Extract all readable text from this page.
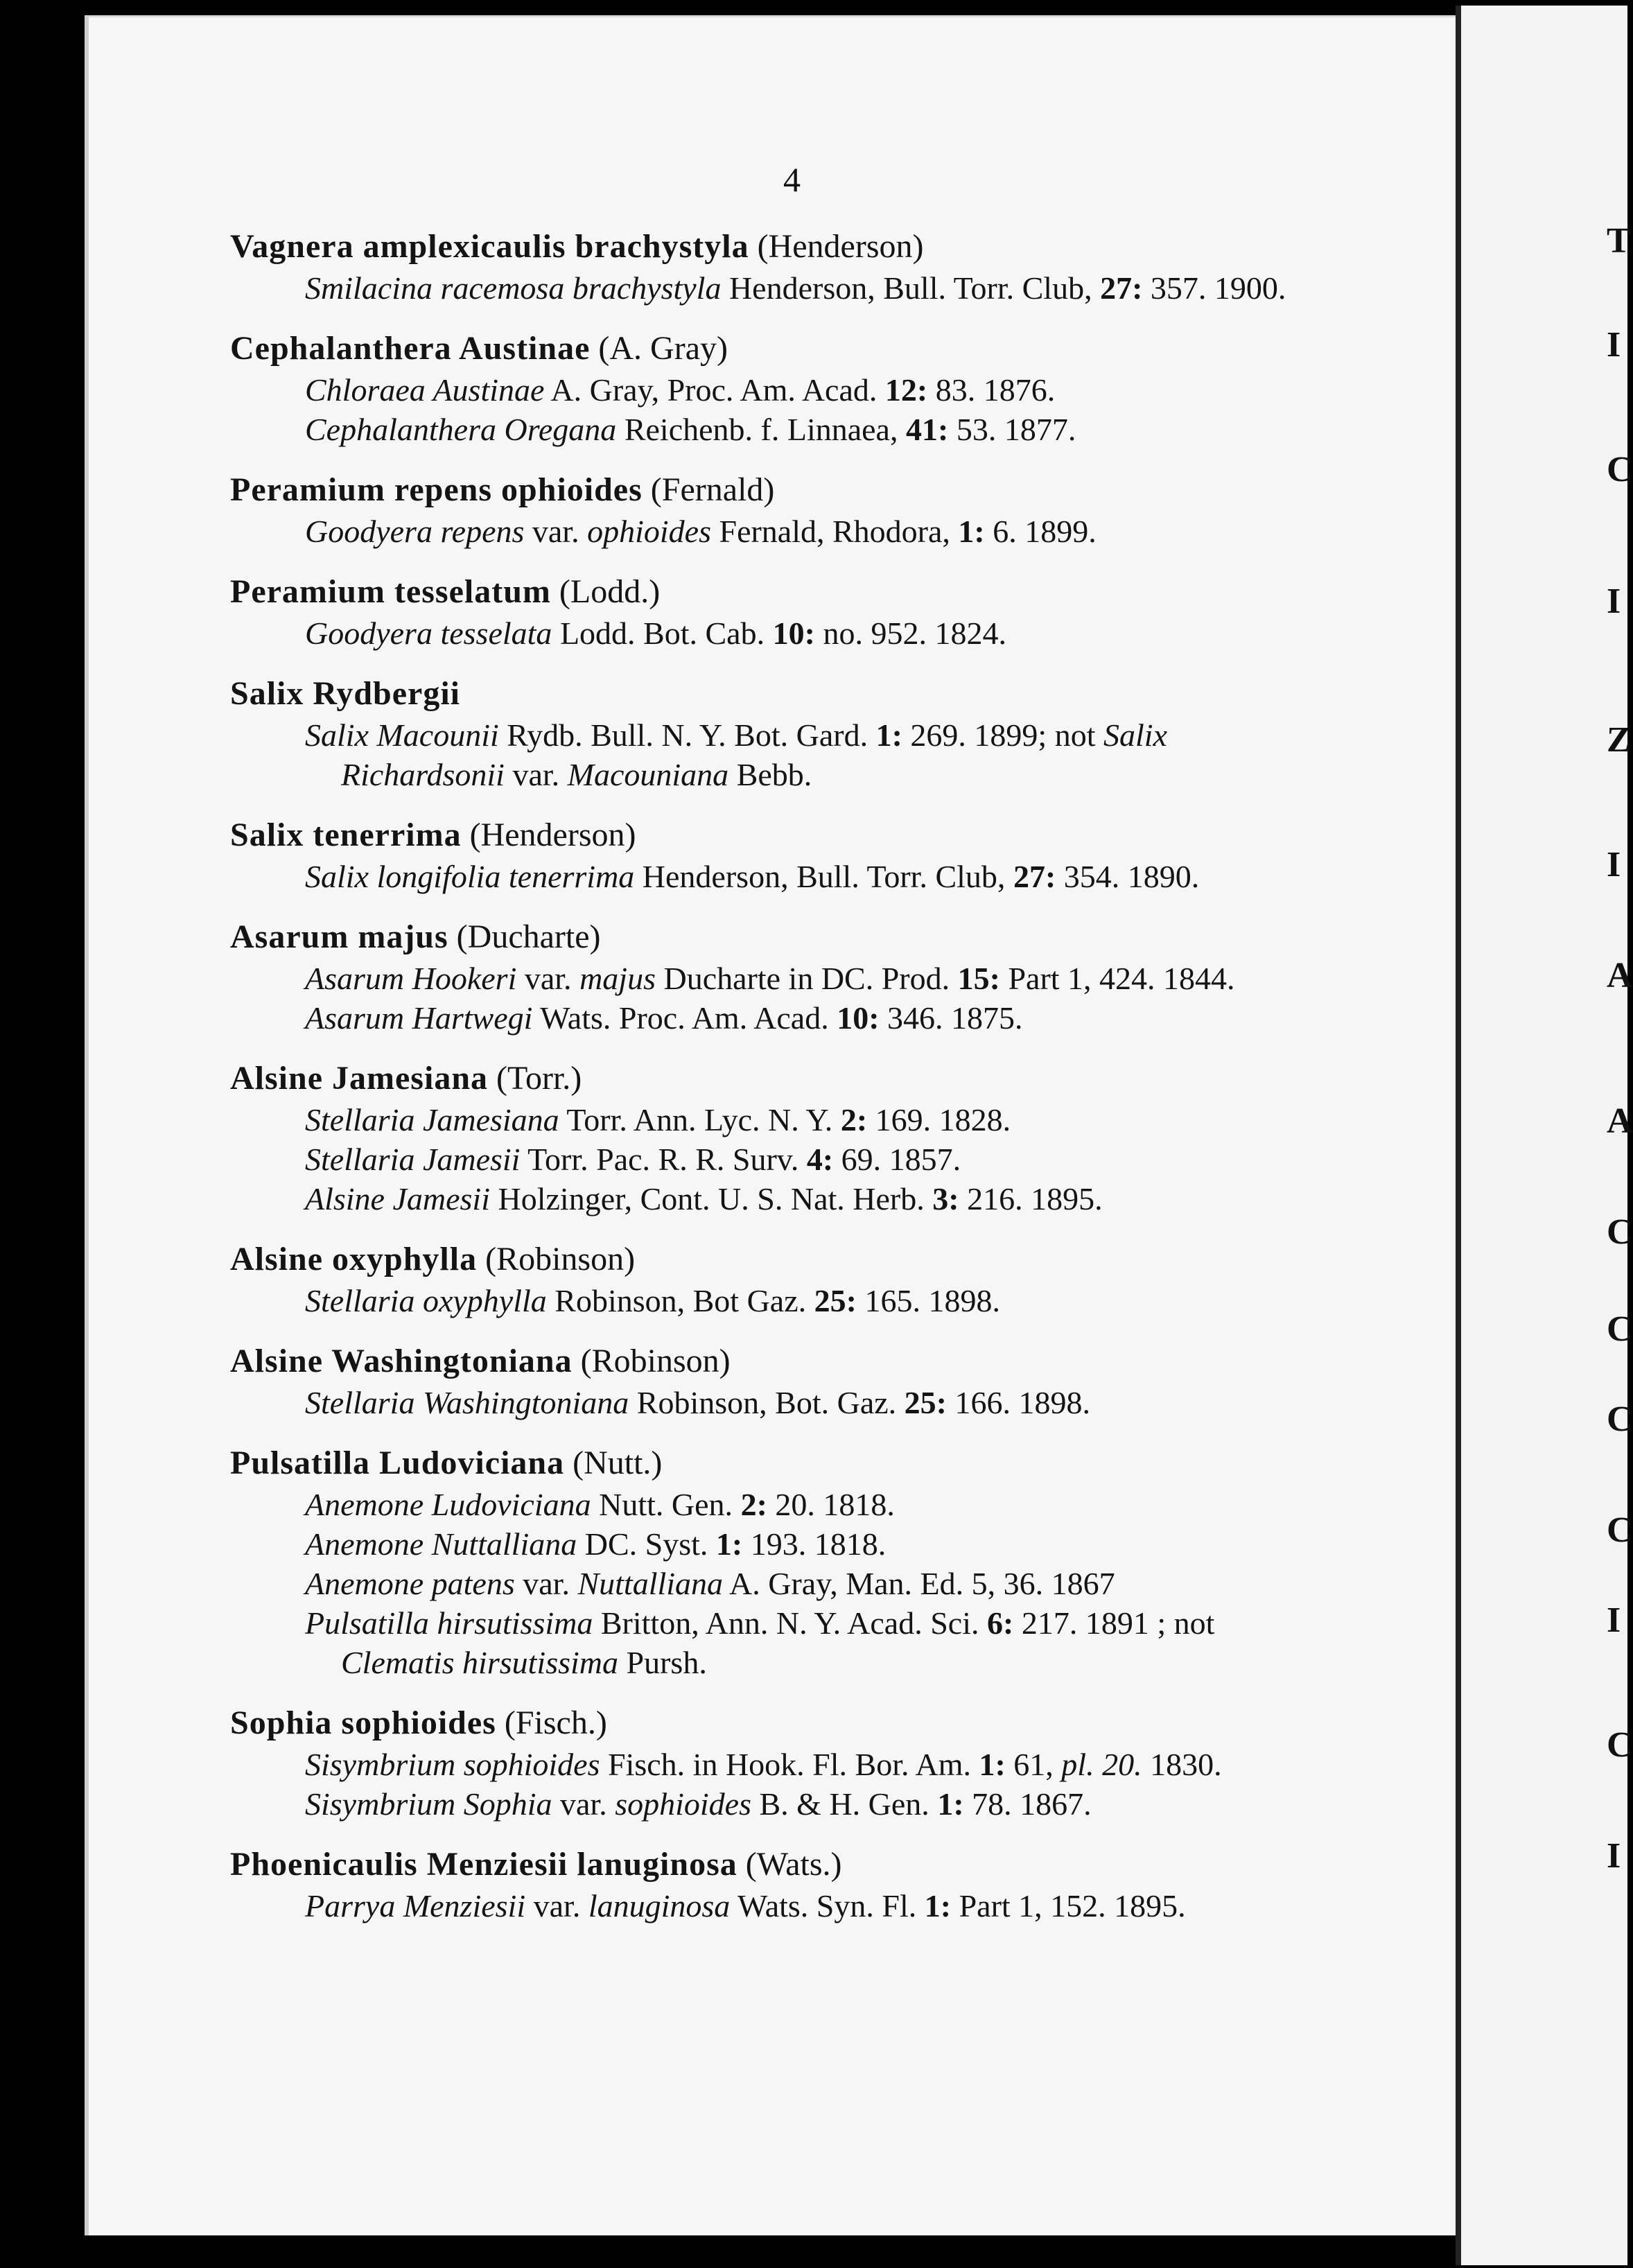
T
I
C
I
Z
I
A
A
C
C
C
C
I
C
I
4
Vagnera amplexicaulis brachystyla (Henderson)
Smilacina racemosa brachystyla Henderson, Bull. Torr. Club, 27: 357. 1900.
Cephalanthera Austinae (A. Gray)
Chloraea Austinae A. Gray, Proc. Am. Acad. 12: 83. 1876.
Cephalanthera Oregana Reichenb. f. Linnaea, 41: 53. 1877.
Peramium repens ophioides (Fernald)
Goodyera repens var. ophioides Fernald, Rhodora, 1: 6. 1899.
Peramium tesselatum (Lodd.)
Goodyera tesselata Lodd. Bot. Cab. 10: no. 952. 1824.
Salix Rydbergii
Salix Macounii Rydb. Bull. N. Y. Bot. Gard. 1: 269. 1899; not Salix Richardsonii var. Macouniana Bebb.
Salix tenerrima (Henderson)
Salix longifolia tenerrima Henderson, Bull. Torr. Club, 27: 354. 1890.
Asarum majus (Ducharte)
Asarum Hookeri var. majus Ducharte in DC. Prod. 15: Part 1, 424. 1844.
Asarum Hartwegi Wats. Proc. Am. Acad. 10: 346. 1875.
Alsine Jamesiana (Torr.)
Stellaria Jamesiana Torr. Ann. Lyc. N. Y. 2: 169. 1828.
Stellaria Jamesii Torr. Pac. R. R. Surv. 4: 69. 1857.
Alsine Jamesii Holzinger, Cont. U. S. Nat. Herb. 3: 216. 1895.
Alsine oxyphylla (Robinson)
Stellaria oxyphylla Robinson, Bot Gaz. 25: 165. 1898.
Alsine Washingtoniana (Robinson)
Stellaria Washingtoniana Robinson, Bot. Gaz. 25: 166. 1898.
Pulsatilla Ludoviciana (Nutt.)
Anemone Ludoviciana Nutt. Gen. 2: 20. 1818.
Anemone Nuttalliana DC. Syst. 1: 193. 1818.
Anemone patens var. Nuttalliana A. Gray, Man. Ed. 5, 36. 1867
Pulsatilla hirsutissima Britton, Ann. N. Y. Acad. Sci. 6: 217. 1891 ; not Clematis hirsutissima Pursh.
Sophia sophioides (Fisch.)
Sisymbrium sophioides Fisch. in Hook. Fl. Bor. Am. 1: 61, pl. 20. 1830.
Sisymbrium Sophia var. sophioides B. & H. Gen. 1: 78. 1867.
Phoenicaulis Menziesii lanuginosa (Wats.)
Parrya Menziesii var. lanuginosa Wats. Syn. Fl. 1: Part 1, 152. 1895.
